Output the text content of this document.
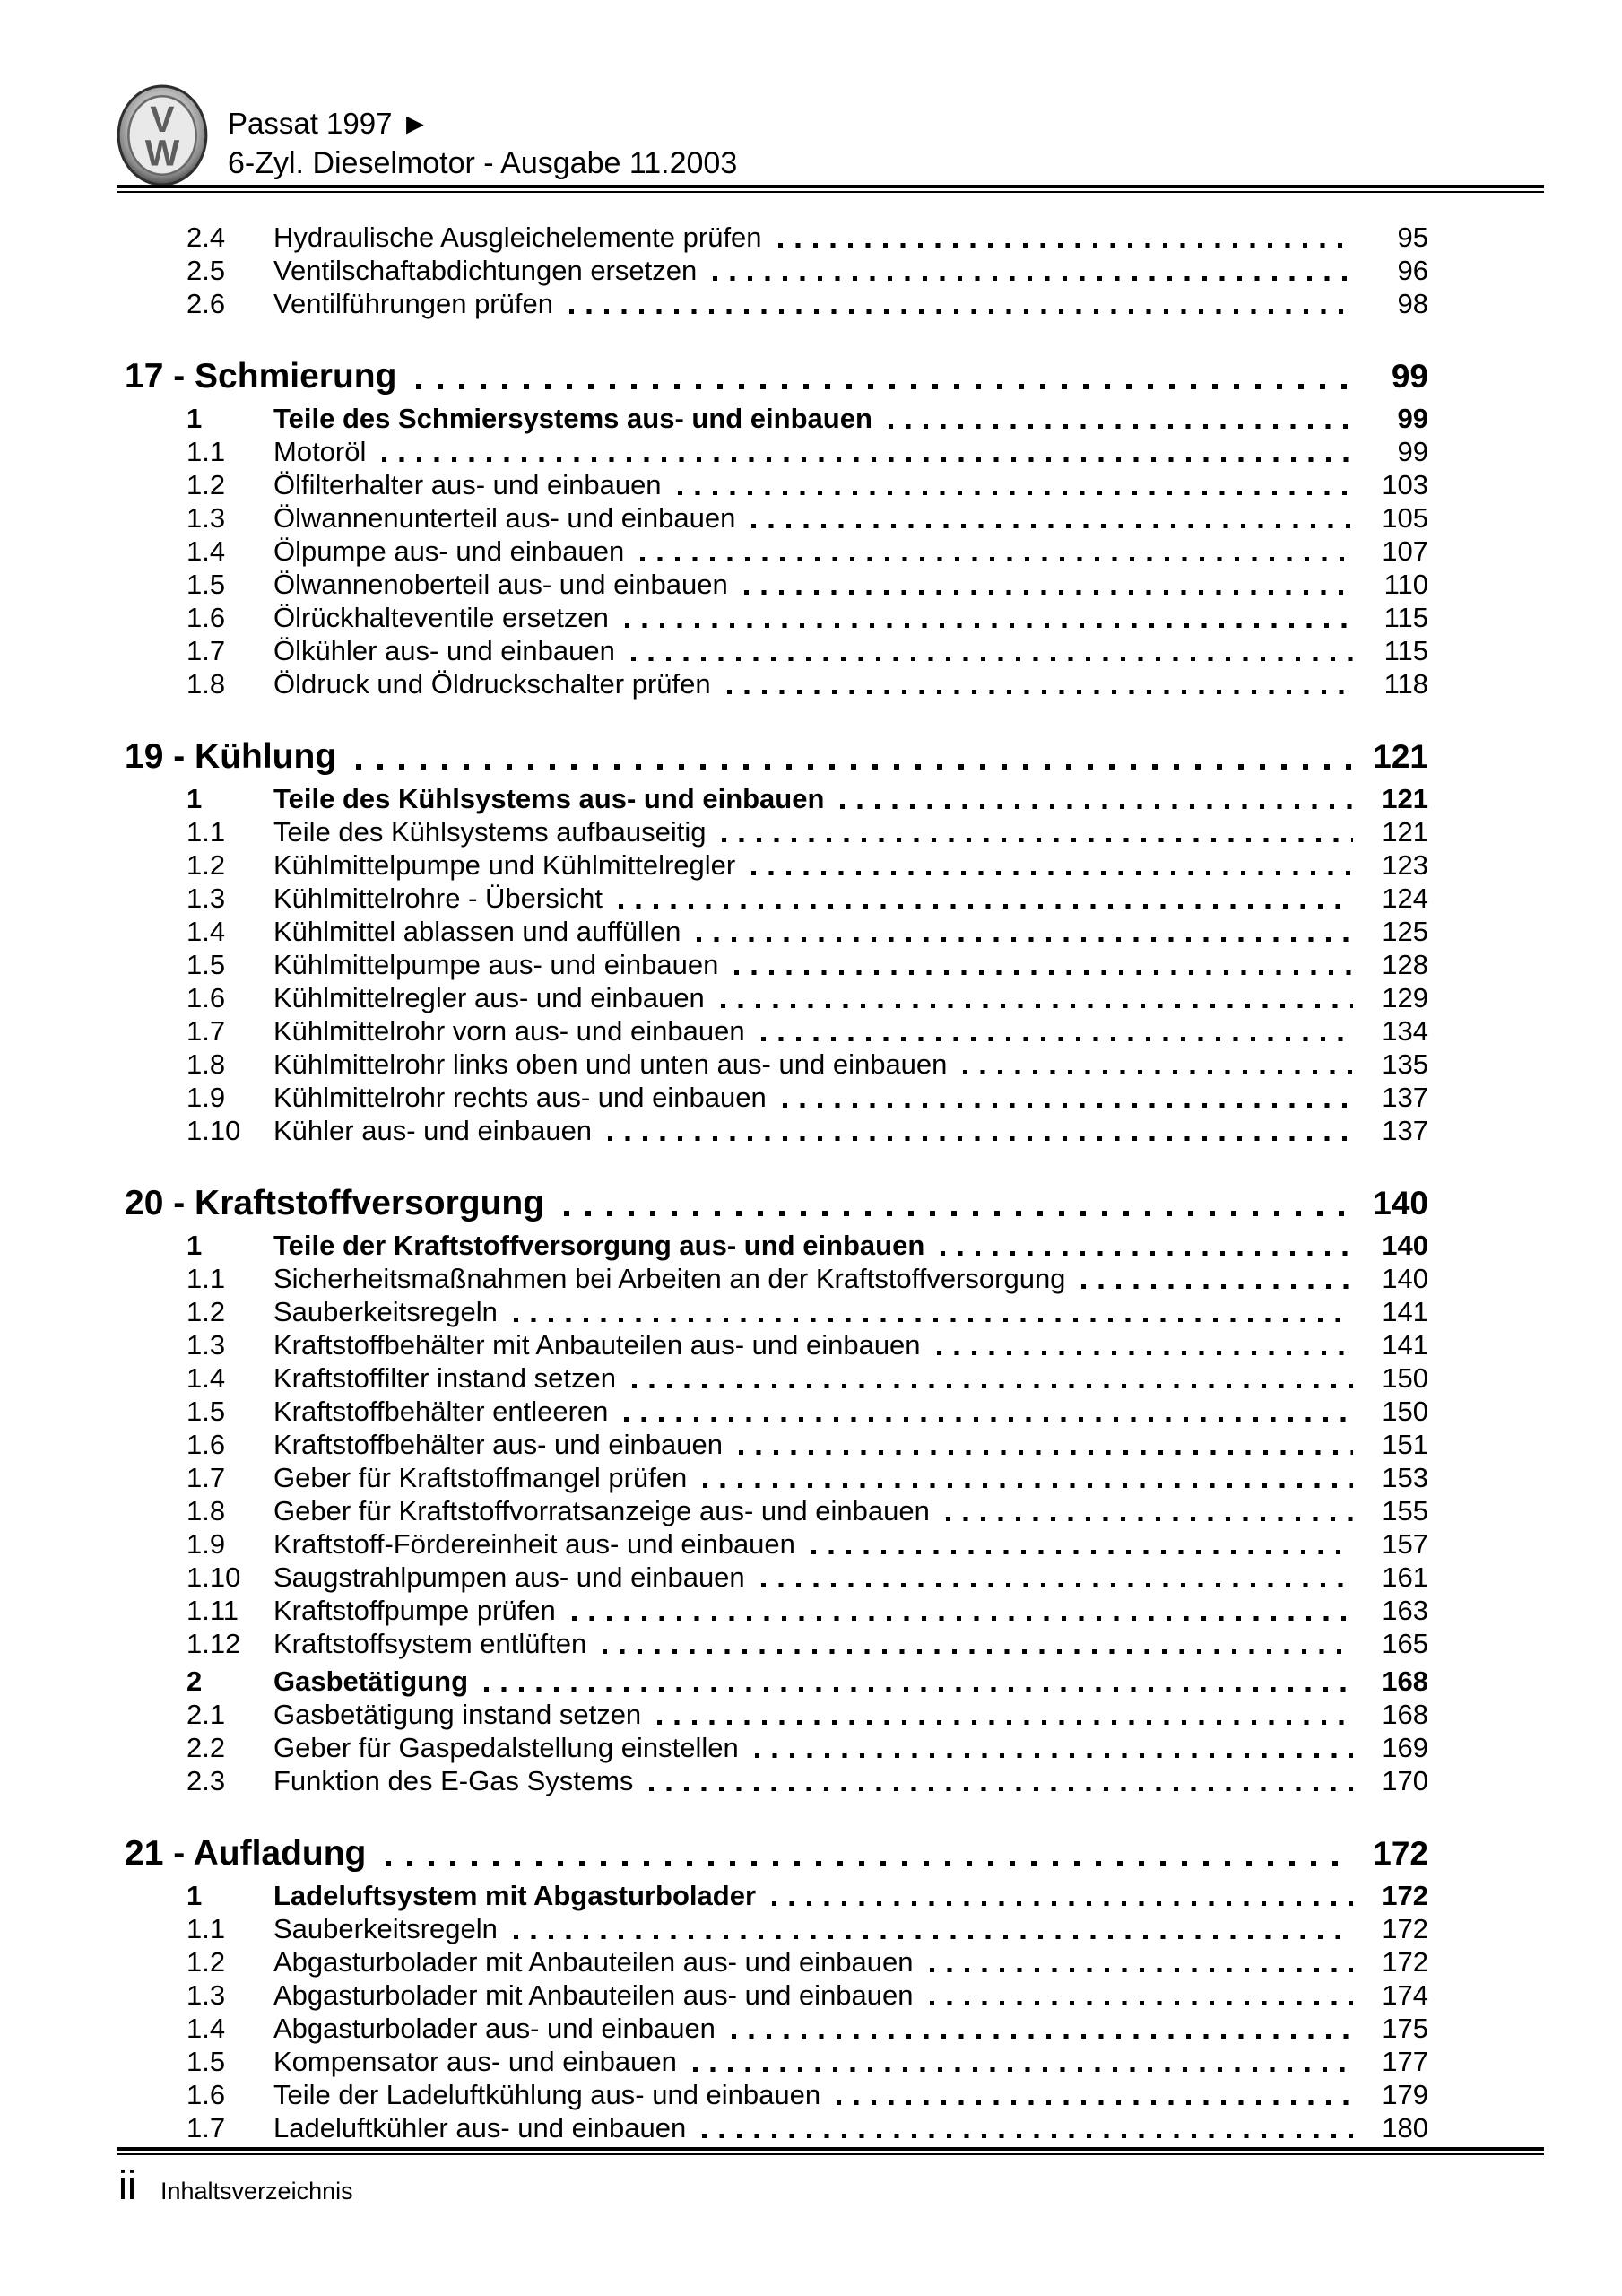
V
W
Passat 1997 ►
6-Zyl. Dieselmotor - Ausgabe 11.2003
2.4	Hydraulische Ausgleichelemente prüfen	95
2.5	Ventilschaftabdichtungen ersetzen	96
2.6	Ventilführungen prüfen	98
17 - Schmierung	99
1	Teile des Schmiersystems aus- und einbauen	99
1.1	Motoröl	99
1.2	Ölfilterhalter aus- und einbauen	103
1.3	Ölwannenunterteil aus- und einbauen	105
1.4	Ölpumpe aus- und einbauen	107
1.5	Ölwannenoberteil aus- und einbauen	110
1.6	Ölrückhalteventile ersetzen	115
1.7	Ölkühler aus- und einbauen	115
1.8	Öldruck und Öldruckschalter prüfen	118
19 - Kühlung	121
1	Teile des Kühlsystems aus- und einbauen	121
1.1	Teile des Kühlsystems aufbauseitig	121
1.2	Kühlmittelpumpe und Kühlmittelregler	123
1.3	Kühlmittelrohre - Übersicht	124
1.4	Kühlmittel ablassen und auffüllen	125
1.5	Kühlmittelpumpe aus- und einbauen	128
1.6	Kühlmittelregler aus- und einbauen	129
1.7	Kühlmittelrohr vorn aus- und einbauen	134
1.8	Kühlmittelrohr links oben und unten aus- und einbauen	135
1.9	Kühlmittelrohr rechts aus- und einbauen	137
1.10	Kühler aus- und einbauen	137
20 - Kraftstoffversorgung	140
1	Teile der Kraftstoffversorgung aus- und einbauen	140
1.1	Sicherheitsmaßnahmen bei Arbeiten an der Kraftstoffversorgung	140
1.2	Sauberkeitsregeln	141
1.3	Kraftstoffbehälter mit Anbauteilen aus- und einbauen	141
1.4	Kraftstoffilter instand setzen	150
1.5	Kraftstoffbehälter entleeren	150
1.6	Kraftstoffbehälter aus- und einbauen	151
1.7	Geber für Kraftstoffmangel prüfen	153
1.8	Geber für Kraftstoffvorratsanzeige aus- und einbauen	155
1.9	Kraftstoff-Fördereinheit aus- und einbauen	157
1.10	Saugstrahlpumpen aus- und einbauen	161
1.11	Kraftstoffpumpe prüfen	163
1.12	Kraftstoffsystem entlüften	165
2	Gasbetätigung	168
2.1	Gasbetätigung instand setzen	168
2.2	Geber für Gaspedalstellung einstellen	169
2.3	Funktion des E-Gas Systems	170
21 - Aufladung	172
1	Ladeluftsystem mit Abgasturbolader	172
1.1	Sauberkeitsregeln	172
1.2	Abgasturbolader mit Anbauteilen aus- und einbauen	172
1.3	Abgasturbolader mit Anbauteilen aus- und einbauen	174
1.4	Abgasturbolader aus- und einbauen	175
1.5	Kompensator aus- und einbauen	177
1.6	Teile der Ladeluftkühlung aus- und einbauen	179
1.7	Ladeluftkühler aus- und einbauen	180
ii Inhaltsverzeichnis
